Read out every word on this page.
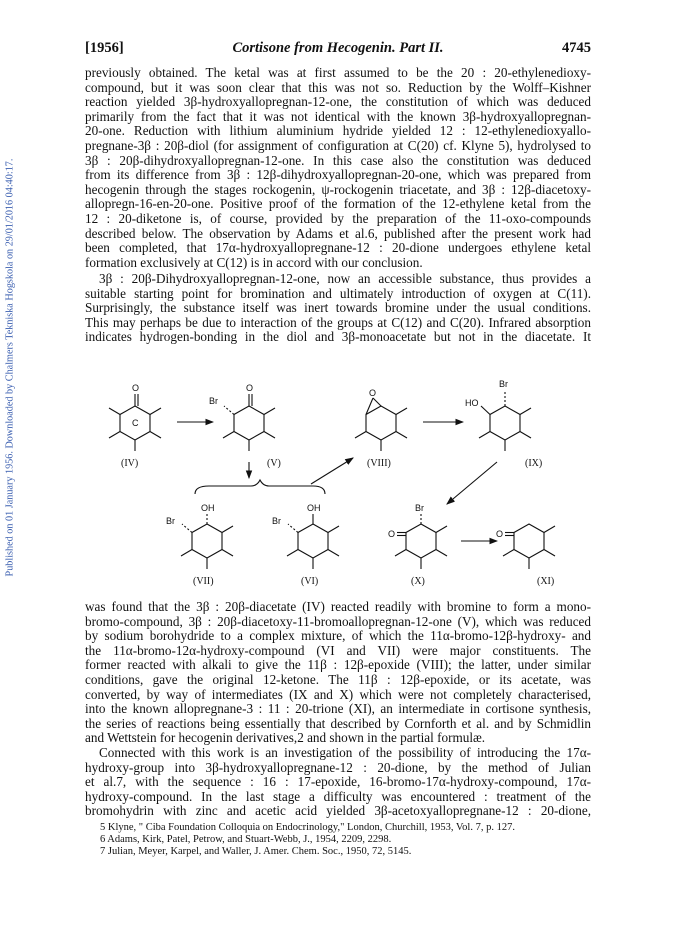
Published on 01 January 1956. Downloaded by Chalmers Tekniska Hogskola on 29/01/2016 04:40:17.
[1956]	Cortisone from Hecogenin. Part II.	4745
previously obtained. The ketal was at first assumed to be the 20 : 20-ethylenedioxy-
compound, but it was soon clear that this was not so. Reduction by the Wolff–Kishner
reaction yielded 3β-hydroxyallopregnan-12-one, the constitution of which was deduced
primarily from the fact that it was not identical with the known 3β-hydroxyallopregnan-
20-one. Reduction with lithium aluminium hydride yielded 12 : 12-ethylenedioxyallo-
pregnane-3β : 20β-diol (for assignment of configuration at C(20) cf. Klyne 5), hydrolysed to
3β : 20β-dihydroxyallopregnan-12-one. In this case also the constitution was deduced
from its difference from 3β : 12β-dihydroxyallopregnan-20-one, which was prepared from
hecogenin through the stages rockogenin, ψ-rockogenin triacetate, and 3β : 12β-diacetoxy-
allopregn-16-en-20-one. Positive proof of the formation of the 12-ethylene ketal from the
12 : 20-diketone is, of course, provided by the preparation of the 11-oxo-compounds
described below. The observation by Adams et al.6, published after the present work had
been completed, that 17α-hydroxyallopregnane-12 : 20-dione undergoes ethylene ketal
formation exclusively at C(12) is in accord with our conclusion.
3β : 20β-Dihydroxyallopregnan-12-one, now an accessible substance, thus provides a
suitable starting point for bromination and ultimately introduction of oxygen at C(11).
Surprisingly, the substance itself was inert towards bromine under the usual conditions.
This may perhaps be due to interaction of the groups at C(12) and C(20). Infrared absorption
indicates hydrogen-bonding in the diol and 3β-monoacetate but not in the diacetate. It
O
C
Br
O	O
Br
HO
OH
Br
OH
Br
Br
O	O
(IV)	(V)	(VIII)	(IX)
(VII)	(VI)	(X)	(XI)
was found that the 3β : 20β-diacetate (IV) reacted readily with bromine to form a mono-
bromo-compound, 3β : 20β-diacetoxy-11-bromoallopregnan-12-one (V), which was reduced
by sodium borohydride to a complex mixture, of which the 11α-bromo-12β-hydroxy- and
the 11α-bromo-12α-hydroxy-compound (VI and VII) were major constituents. The
former reacted with alkali to give the 11β : 12β-epoxide (VIII); the latter, under similar
conditions, gave the original 12-ketone. The 11β : 12β-epoxide, or its acetate, was
converted, by way of intermediates (IX and X) which were not completely characterised,
into the known allopregnane-3 : 11 : 20-trione (XI), an intermediate in cortisone synthesis,
the series of reactions being essentially that described by Cornforth et al. and by Schmidlin
and Wettstein for hecogenin derivatives,2 and shown in the partial formulæ.
Connected with this work is an investigation of the possibility of introducing the 17α-
hydroxy-group into 3β-hydroxyallopregnane-12 : 20-dione, by the method of Julian
et al.7, with the sequence : 16 : 17-epoxide, 16-bromo-17α-hydroxy-compound, 17α-
hydroxy-compound. In the last stage a difficulty was encountered : treatment of the
bromohydrin with zinc and acetic acid yielded 3β-acetoxyallopregnane-12 : 20-dione,
5 Klyne, " Ciba Foundation Colloquia on Endocrinology," London, Churchill, 1953, Vol. 7, p. 127.
6 Adams, Kirk, Patel, Petrow, and Stuart-Webb, J., 1954, 2209, 2298.
7 Julian, Meyer, Karpel, and Waller, J. Amer. Chem. Soc., 1950, 72, 5145.
